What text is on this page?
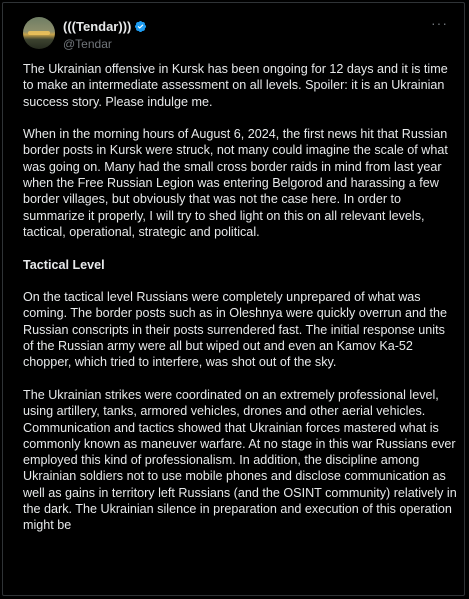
(((Tendar)))
@Tendar
···

The Ukrainian offensive in Kursk has been ongoing for 12 days and it is time to make an intermediate assessment on all levels. Spoiler: it is an Ukrainian success story. Please indulge me.

When in the morning hours of August 6, 2024, the first news hit that Russian border posts in Kursk were struck, not many could imagine the scale of what was going on. Many had the small cross border raids in mind from last year when the Free Russian Legion was entering Belgorod and harassing a few border villages, but obviously that was not the case here. In order to summarize it properly, I will try to shed light on this on all relevant levels, tactical, operational, strategic and political.

Tactical Level

On the tactical level Russians were completely unprepared of what was coming. The border posts such as in Oleshnya were quickly overrun and the Russian conscripts in their posts surrendered fast. The initial response units of the Russian army were all but wiped out and even an Kamov Ka-52 chopper, which tried to interfere, was shot out of the sky.

The Ukrainian strikes were coordinated on an extremely professional level, using artillery, tanks, armored vehicles, drones and other aerial vehicles. Communication and tactics showed that Ukrainian forces mastered what is commonly known as maneuver warfare. At no stage in this war Russians ever employed this kind of professionalism. In addition, the discipline among Ukrainian soldiers not to use mobile phones and disclose communication as well as gains in territory left Russians (and the OSINT community) relatively in the dark. The Ukrainian silence in preparation and execution of this operation might be
